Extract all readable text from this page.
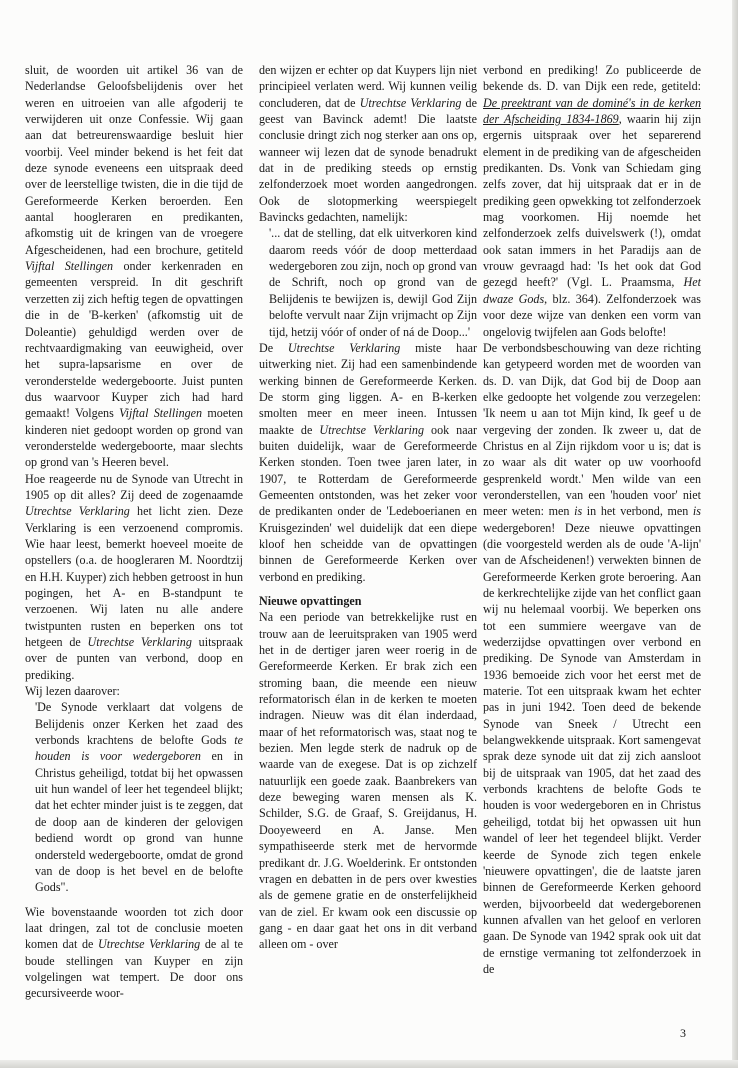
sluit, de woorden uit artikel 36 van de Nederlandse Geloofsbelijdenis over het weren en uitroeien van alle afgoderij te verwijderen uit onze Confessie. Wij gaan aan dat betreurenswaardige besluit hier voorbij. Veel minder bekend is het feit dat deze synode eveneens een uitspraak deed over de leerstellige twisten, die in die tijd de Gereformeerde Kerken beroerden. Een aantal hoogleraren en predikanten, afkomstig uit de kringen van de vroegere Afgescheidenen, had een brochure, getiteld Vijftal Stellingen onder kerkenraden en gemeenten verspreid. In dit geschrift verzetten zij zich heftig tegen de opvattingen die in de 'B-kerken' (afkomstig uit de Doleantie) gehuldigd werden over de rechtvaardigmaking van eeuwigheid, over het supra-lapsarisme en over de veronderstelde wedergeboorte. Juist punten dus waarvoor Kuyper zich had hard gemaakt! Volgens Vijftal Stellingen moeten kinderen niet gedoopt worden op grond van veronderstelde wedergeboorte, maar slechts op grond van 's Heeren bevel.

Hoe reageerde nu de Synode van Utrecht in 1905 op dit alles? Zij deed de zogenaamde Utrechtse Verklaring het licht zien. Deze Verklaring is een verzoenend compromis. Wie haar leest, bemerkt hoeveel moeite de opstellers (o.a. de hoogleraren M. Noordtzij en H.H. Kuyper) zich hebben getroost in hun pogingen, het A- en B-standpunt te verzoenen. Wij laten nu alle andere twistpunten rusten en beperken ons tot hetgeen de Utrechtse Verklaring uitspraak over de punten van verbond, doop en prediking.

Wij lezen daarover:

'De Synode verklaart dat volgens de Belijdenis onzer Kerken het zaad des verbonds krachtens de belofte Gods te houden is voor wedergeboren en in Christus geheiligd, totdat bij het opwassen uit hun wandel of leer het tegendeel blijkt; dat het echter minder juist is te zeggen, dat de doop aan de kinderen der gelovigen bediend wordt op grond van hunne ondersteld wedergeboorte, omdat de grond van de doop is het bevel en de belofte Gods".

Wie bovenstaande woorden tot zich door laat dringen, zal tot de conclusie moeten komen dat de Utrechtse Verklaring de al te boude stellingen van Kuyper en zijn volgelingen wat tempert. De door ons gecursiveerde woor-

den wijzen er echter op dat Kuypers lijn niet principieel verlaten werd. Wij kunnen veilig concluderen, dat de Utrechtse Verklaring de geest van Bavinck ademt! Die laatste conclusie dringt zich nog sterker aan ons op, wanneer wij lezen dat de synode benadrukt dat in de prediking steeds op ernstig zelfonderzoek moet worden aangedrongen. Ook de slotopmerking weerspiegelt Bavincks gedachten, namelijk:

'... dat de stelling, dat elk uitverkoren kind daarom reeds vóór de doop metterdaad wedergeboren zou zijn, noch op grond van de Schrift, noch op grond van de Belijdenis te bewijzen is, dewijl God Zijn belofte vervult naar Zijn vrijmacht op Zijn tijd, hetzij vóór of onder of ná de Doop...'

De Utrechtse Verklaring miste haar uitwerking niet. Zij had een samenbindende werking binnen de Gereformeerde Kerken. De storm ging liggen. A- en B-kerken smolten meer en meer ineen. Intussen maakte de Utrechtse Verklaring ook naar buiten duidelijk, waar de Gereformeerde Kerken stonden. Toen twee jaren later, in 1907, te Rotterdam de Gereformeerde Gemeenten ontstonden, was het zeker voor de predikanten onder de 'Ledeboerianen en Kruisgezinden' wel duidelijk dat een diepe kloof hen scheidde van de opvattingen binnen de Gereformeerde Kerken over verbond en prediking.

Nieuwe opvattingen

Na een periode van betrekkelijke rust en trouw aan de leeruitspraken van 1905 werd het in de dertiger jaren weer roerig in de Gereformeerde Kerken. Er brak zich een stroming baan, die meende een nieuw reformatorisch élan in de kerken te moeten indragen. Nieuw was dit élan inderdaad, maar of het reformatorisch was, staat nog te bezien. Men legde sterk de nadruk op de waarde van de exegese. Dat is op zichzelf natuurlijk een goede zaak. Baanbrekers van deze beweging waren mensen als K. Schilder, S.G. de Graaf, S. Greijdanus, H. Dooyeweerd en A. Janse. Men sympathiseerde sterk met de hervormde predikant dr. J.G. Woelderink. Er ontstonden vragen en debatten in de pers over kwesties als de gemene gratie en de onsterfelijkheid van de ziel. Er kwam ook een discussie op gang - en daar gaat het ons in dit verband alleen om - over

verbond en prediking! Zo publiceerde de bekende ds. D. van Dijk een rede, getiteld: De preektrant van de dominé's in de kerken der Afscheiding 1834-1869, waarin hij zijn ergernis uitspraak over het separerend element in de prediking van de afgescheiden predikanten. Ds. Vonk van Schiedam ging zelfs zover, dat hij uitspraak dat er in de prediking geen opwekking tot zelfonderzoek mag voorkomen. Hij noemde het zelfonderzoek zelfs duivelswerk (!), omdat ook satan immers in het Paradijs aan de vrouw gevraagd had: 'Is het ook dat God gezegd heeft?' (Vgl. L. Praamsma, Het dwaze Gods, blz. 364). Zelfonderzoek was voor deze wijze van denken een vorm van ongelovig twijfelen aan Gods belofte!

De verbondsbeschouwing van deze richting kan getypeerd worden met de woorden van ds. D. van Dijk, dat God bij de Doop aan elke gedoopte het volgende zou verzegelen: 'Ik neem u aan tot Mijn kind, Ik geef u de vergeving der zonden. Ik zweer u, dat de Christus en al Zijn rijkdom voor u is; dat is zo waar als dit water op uw voorhoofd gesprenkeld wordt.' Men wilde van een veronderstellen, van een 'houden voor' niet meer weten: men is in het verbond, men is wedergeboren! Deze nieuwe opvattingen (die voorgesteld werden als de oude 'A-lijn' van de Afscheidenen!) verwekten binnen de Gereformeerde Kerken grote beroering. Aan de kerkrechtelijke zijde van het conflict gaan wij nu helemaal voorbij. We beperken ons tot een summiere weergave van de wederzijdse opvattingen over verbond en prediking. De Synode van Amsterdam in 1936 bemoeide zich voor het eerst met de materie. Tot een uitspraak kwam het echter pas in juni 1942. Toen deed de bekende Synode van Sneek / Utrecht een belangwekkende uitspraak. Kort samengevat sprak deze synode uit dat zij zich aansloot bij de uitspraak van 1905, dat het zaad des verbonds krachtens de belofte Gods te houden is voor wedergeboren en in Christus geheiligd, totdat bij het opwassen uit hun wandel of leer het tegendeel blijkt. Verder keerde de Synode zich tegen enkele 'nieuwere opvattingen', die de laatste jaren binnen de Gereformeerde Kerken gehoord werden, bijvoorbeeld dat wedergeborenen kunnen afvallen van het geloof en verloren gaan. De Synode van 1942 sprak ook uit dat de ernstige vermaning tot zelfonderzoek in de

3
